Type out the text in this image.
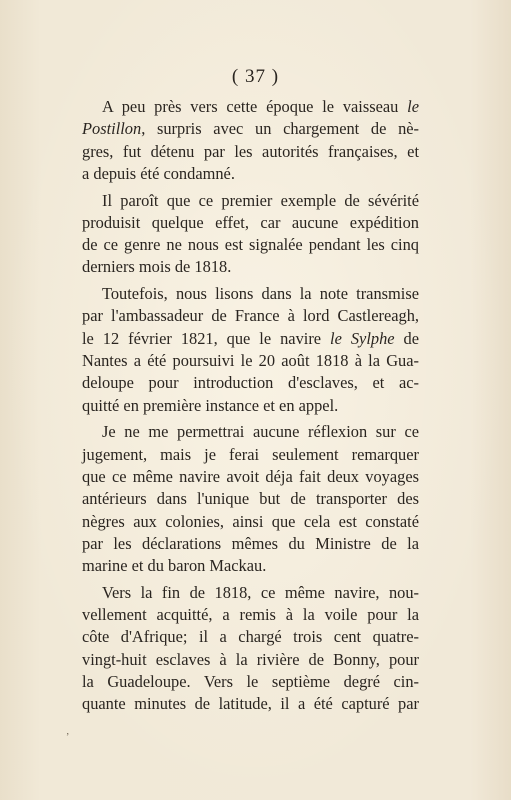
( 37 )
A peu près vers cette époque le vaisseau le
Postillon, surpris avec un chargement de nè-
gres, fut détenu par les autorités françaises, et
a depuis été condamné.
Il paroît que ce premier exemple de sévérité
produisit quelque effet, car aucune expédition
de ce genre ne nous est signalée pendant les cinq
derniers mois de 1818.
Toutefois, nous lisons dans la note transmise
par l'ambassadeur de France à lord Castlereagh,
le 12 février 1821, que le navire le Sylphe de
Nantes a été poursuivi le 20 août 1818 à la Gua-
deloupe pour introduction d'esclaves, et ac-
quitté en première instance et en appel.
Je ne me permettrai aucune réflexion sur ce
jugement, mais je ferai seulement remarquer
que ce même navire avoit déja fait deux voyages
antérieurs dans l'unique but de transporter des
nègres aux colonies, ainsi que cela est constaté
par les déclarations mêmes du Ministre de la
marine et du baron Mackau.
Vers la fin de 1818, ce même navire, nou-
vellement acquitté, a remis à la voile pour la
côte d'Afrique; il a chargé trois cent quatre-
vingt-huit esclaves à la rivière de Bonny, pour
la Guadeloupe. Vers le septième degré cin-
quante minutes de latitude, il a été capturé par
ʼ
